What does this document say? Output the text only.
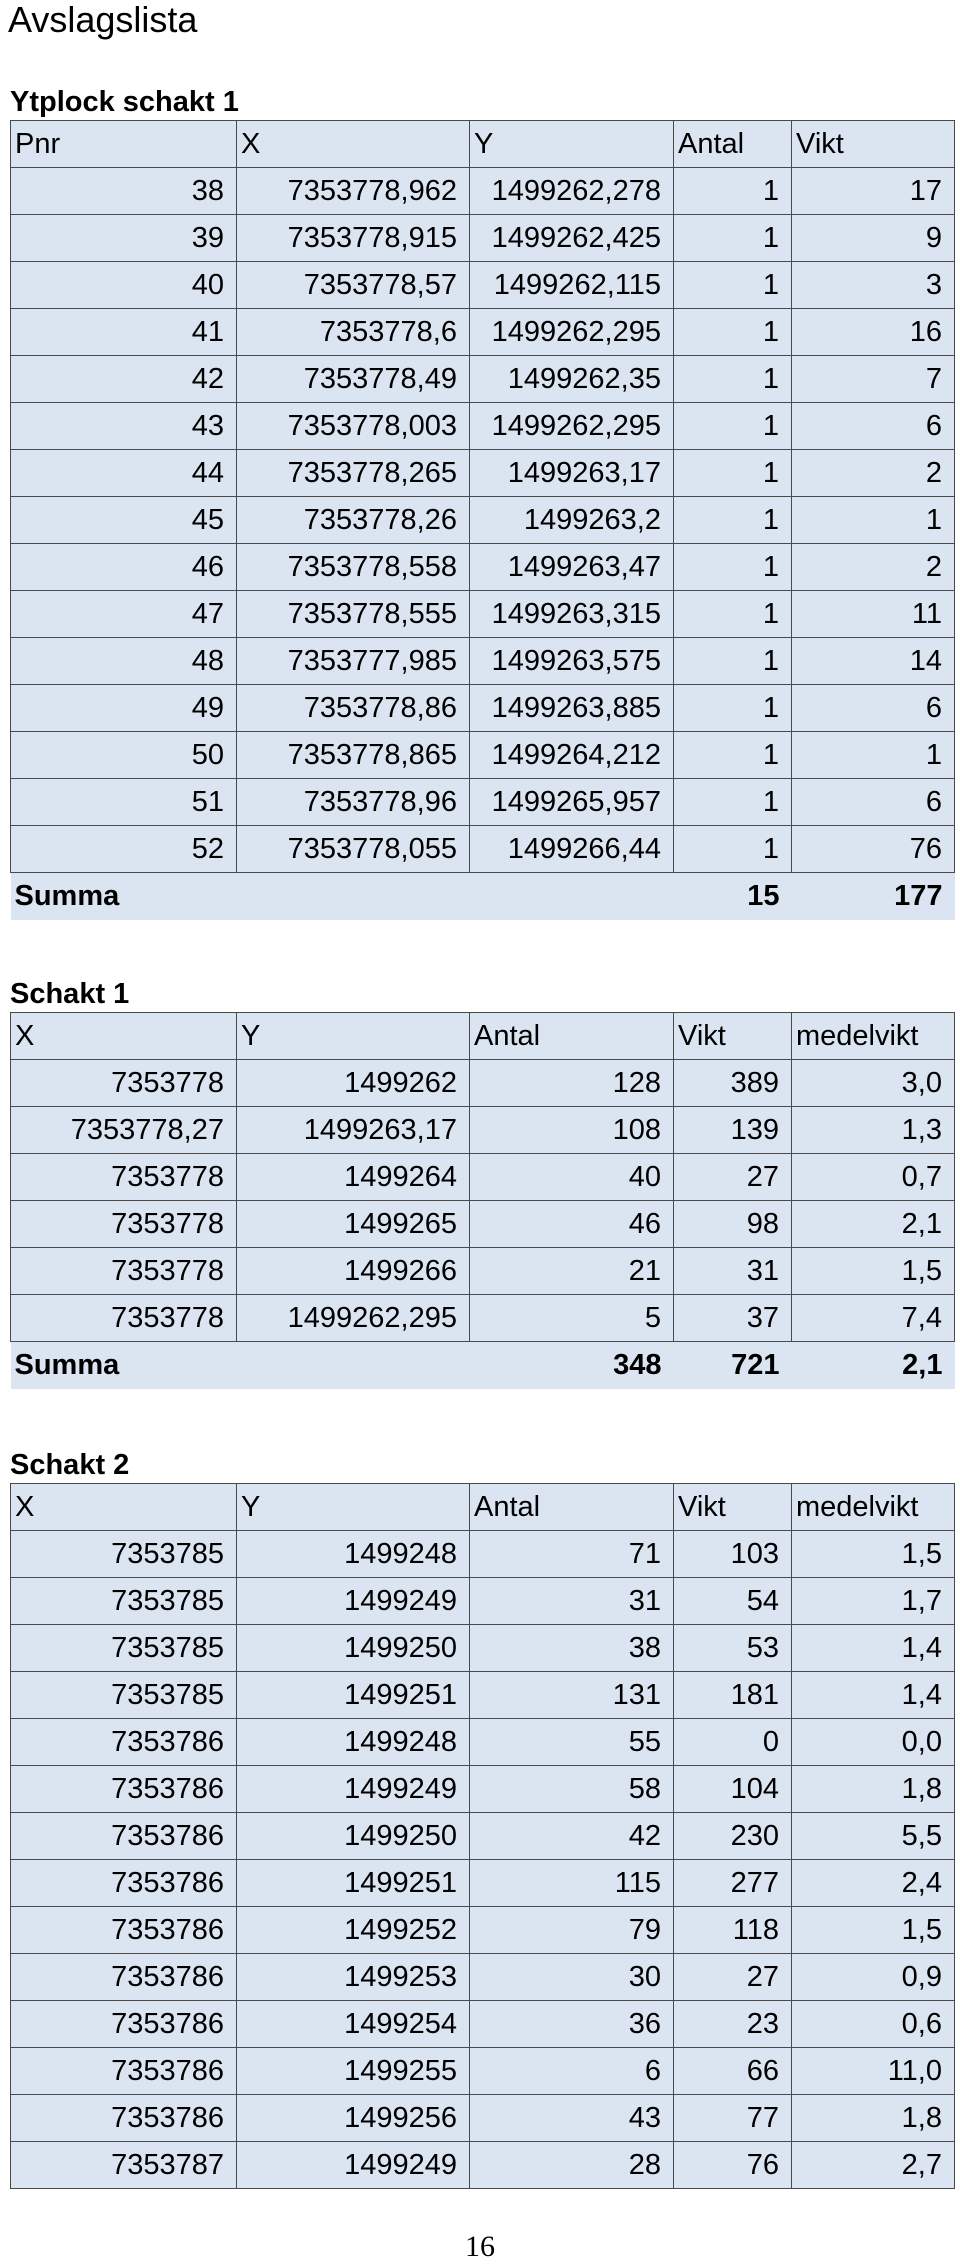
Avslagslista
Ytplock schakt 1
Pnr	X	Y	Antal	Vikt
38	7353778,962	1499262,278	1	17
39	7353778,915	1499262,425	1	9
40	7353778,57	1499262,115	1	3
41	7353778,6	1499262,295	1	16
42	7353778,49	1499262,35	1	7
43	7353778,003	1499262,295	1	6
44	7353778,265	1499263,17	1	2
45	7353778,26	1499263,2	1	1
46	7353778,558	1499263,47	1	2
47	7353778,555	1499263,315	1	11
48	7353777,985	1499263,575	1	14
49	7353778,86	1499263,885	1	6
50	7353778,865	1499264,212	1	1
51	7353778,96	1499265,957	1	6
52	7353778,055	1499266,44	1	76
Summa			15	177
Schakt 1
X	Y	Antal	Vikt	medelvikt
7353778	1499262	128	389	3,0
7353778,27	1499263,17	108	139	1,3
7353778	1499264	40	27	0,7
7353778	1499265	46	98	2,1
7353778	1499266	21	31	1,5
7353778	1499262,295	5	37	7,4
Summa		348	721	2,1
Schakt 2
X	Y	Antal	Vikt	medelvikt
7353785	1499248	71	103	1,5
7353785	1499249	31	54	1,7
7353785	1499250	38	53	1,4
7353785	1499251	131	181	1,4
7353786	1499248	55	0	0,0
7353786	1499249	58	104	1,8
7353786	1499250	42	230	5,5
7353786	1499251	115	277	2,4
7353786	1499252	79	118	1,5
7353786	1499253	30	27	0,9
7353786	1499254	36	23	0,6
7353786	1499255	6	66	11,0
7353786	1499256	43	77	1,8
7353787	1499249	28	76	2,7
16
